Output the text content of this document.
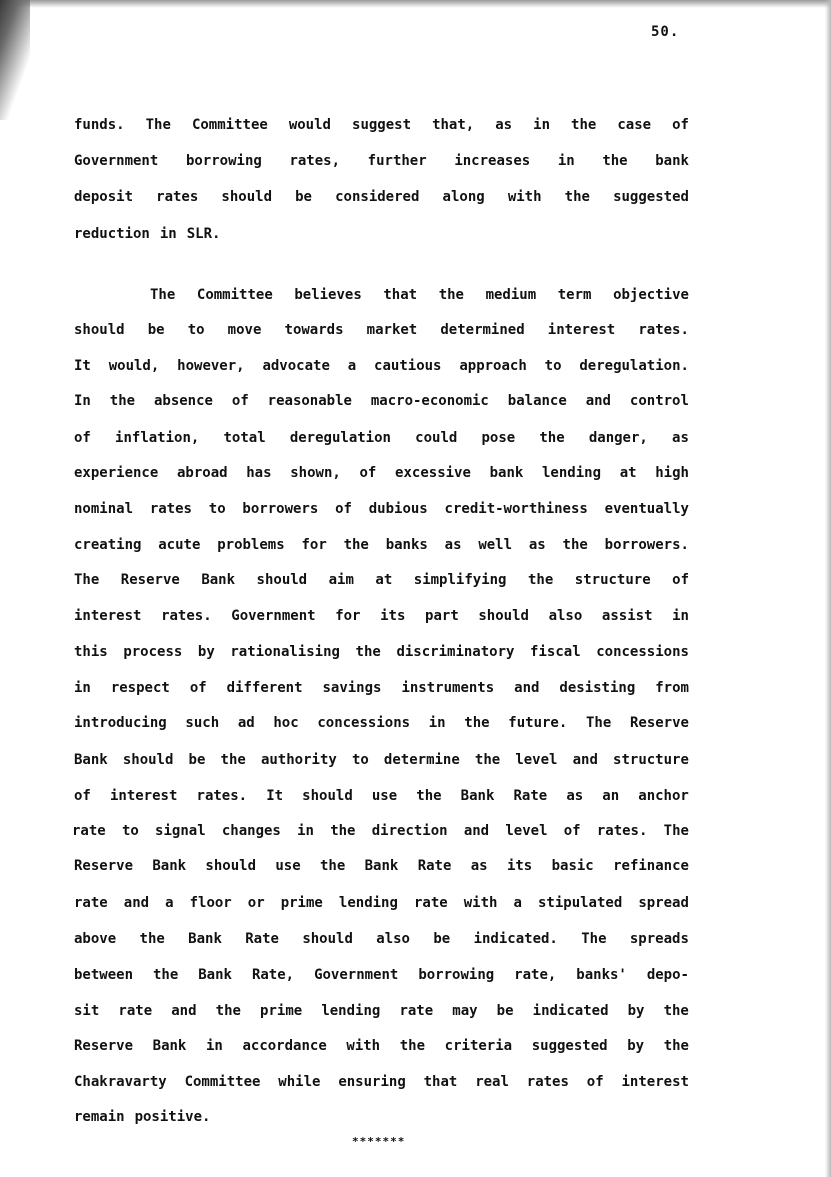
50.
funds. The Committee would suggest that, as in the case of
Government borrowing rates, further increases in the bank
deposit rates should be considered along with the suggested
reduction in SLR.
The Committee believes that the medium term objective
should be to move towards market determined interest rates.
It would, however, advocate a cautious approach to deregulation.
In the absence of reasonable macro-economic balance and control
of inflation, total deregulation could pose the danger, as
experience abroad has shown, of excessive bank lending at high
nominal rates to borrowers of dubious credit-worthiness eventually
creating acute problems for the banks as well as the borrowers.
The Reserve Bank should aim at simplifying the structure of
interest rates. Government for its part should also assist in
this process by rationalising the discriminatory fiscal concessions
in respect of different savings instruments and desisting from
introducing such ad hoc concessions in the future. The Reserve
Bank should be the authority to determine the level and structure
of interest rates. It should use the Bank Rate as an anchor
rate to signal changes in the direction and level of rates. The
Reserve Bank should use the Bank Rate as its basic refinance
rate and a floor or prime lending rate with a stipulated spread
above the Bank Rate should also be indicated. The spreads
between the Bank Rate, Government borrowing rate, banks' depo-
sit rate and the prime lending rate may be indicated by the
Reserve Bank in accordance with the criteria suggested by the
Chakravarty Committee while ensuring that real rates of interest
remain positive.
*******
